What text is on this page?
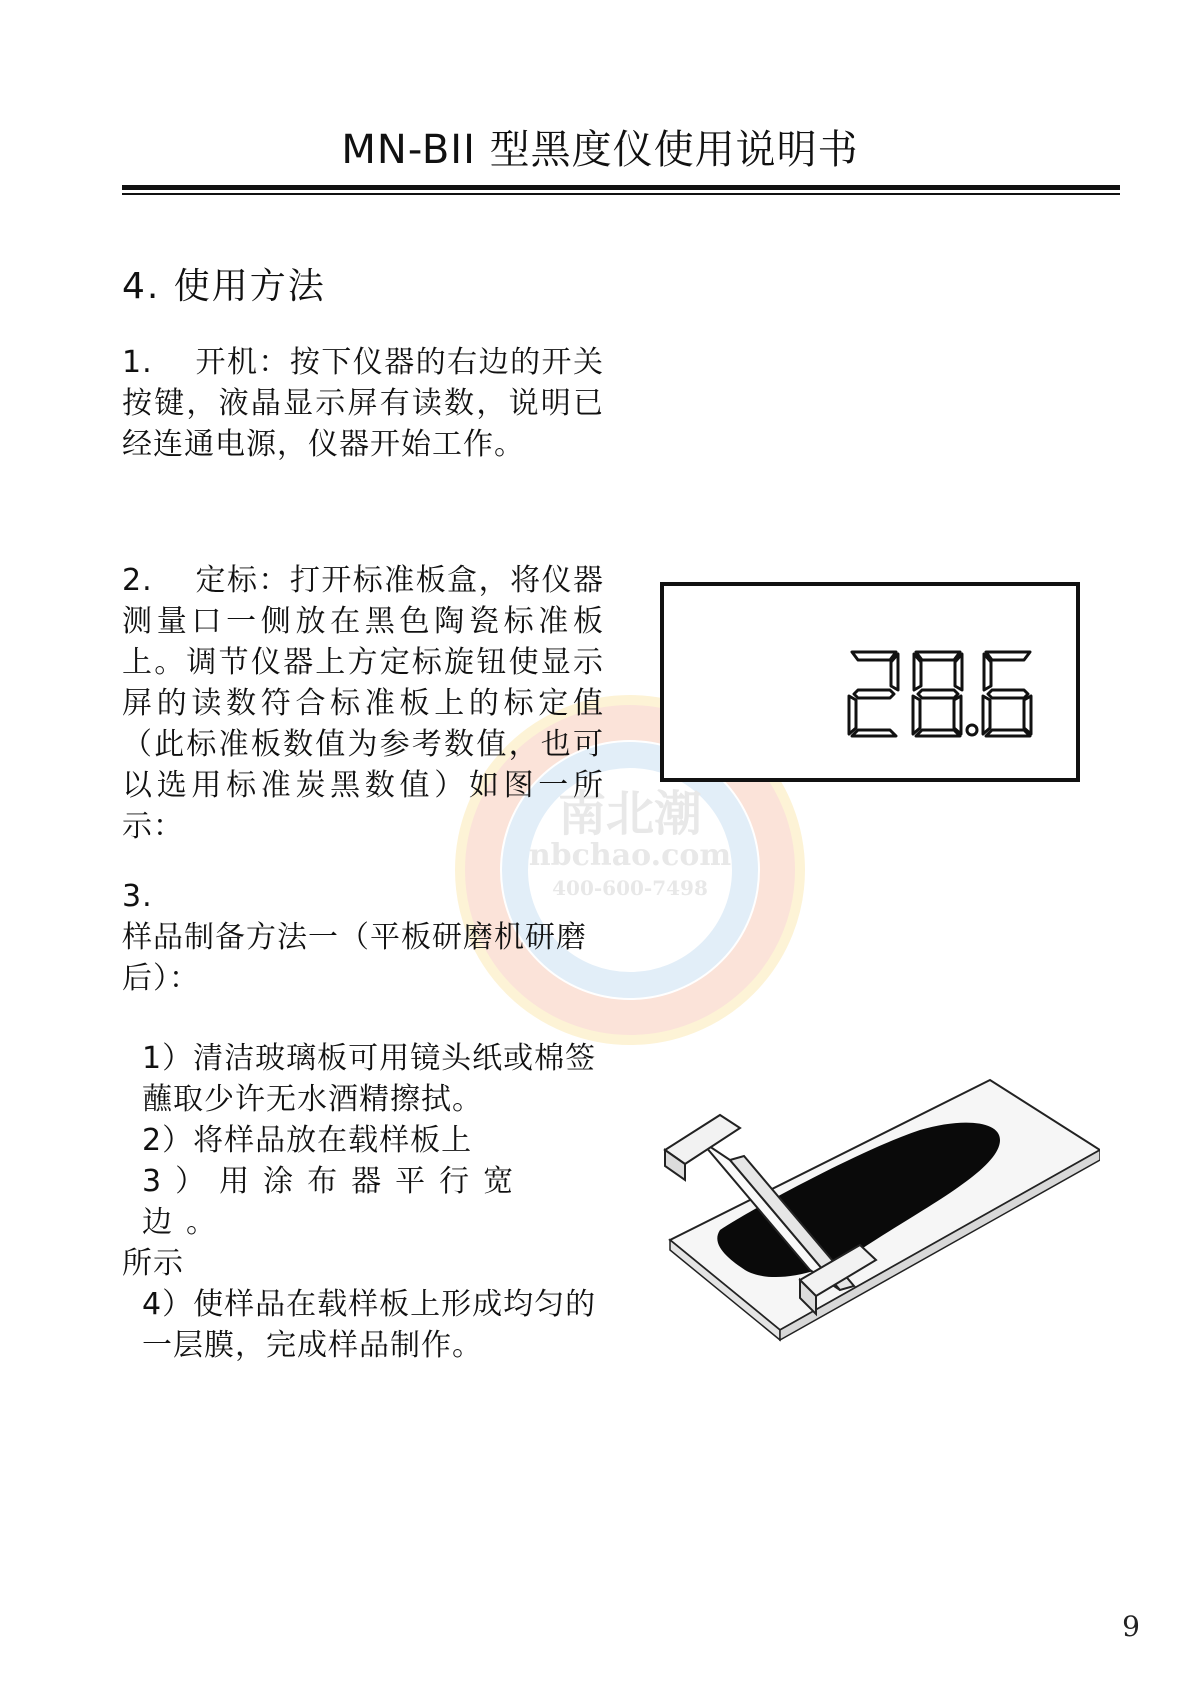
MN-BII 型黑度仪使用说明书
南北潮
nbchao.com
400-600-7498
4. 使用方法

1.　 开机：按下仪器的右边的开关按键，液晶显示屏有读数，说明已经连通电源，仪器开始工作。

2.　 定标：打开标准板盒，将仪器测量口一侧放在黑色陶瓷标准板上。调节仪器上方定标旋钮使显示屏的读数符合标准板上的标定值（此标准板数值为参考数值，也可以选用标准炭黑数值）如图一所示：

3.

样品制备方法一（平板研磨机研磨后）：

1）清洁玻璃板可用镜头纸或棉签蘸取少许无水酒精擦拭。

2）将样品放在载样板上

3）用涂布器平行宽边。

所示

4）使样品在载样板上形成均匀的一层膜，完成样品制作。

9
